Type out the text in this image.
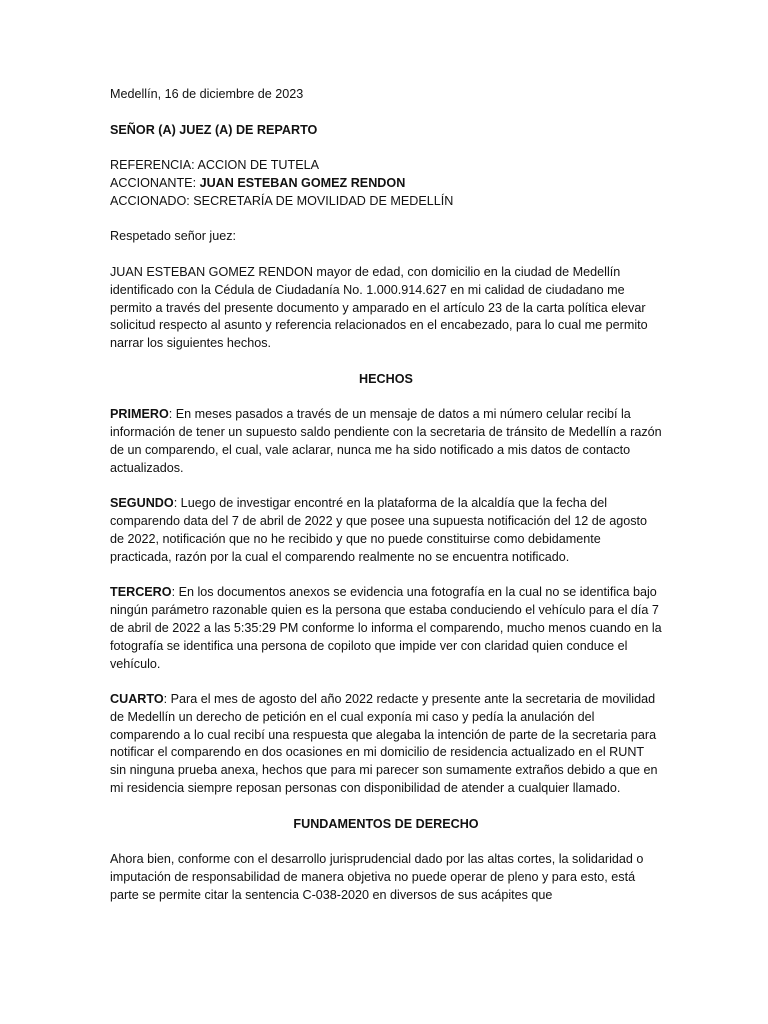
Medellín, 16 de diciembre de 2023

SEÑOR (A) JUEZ (A) DE REPARTO

REFERENCIA: ACCION DE TUTELA
ACCIONANTE: JUAN ESTEBAN GOMEZ RENDON
ACCIONADO: SECRETARÍA DE MOVILIDAD DE MEDELLÍN

Respetado señor juez:

JUAN ESTEBAN GOMEZ RENDON mayor de edad, con domicilio en la ciudad de Medellín identificado con la Cédula de Ciudadanía No. 1.000.914.627 en mi calidad de ciudadano me permito a través del presente documento y amparado en el artículo 23 de la carta política elevar solicitud respecto al asunto y referencia relacionados en el encabezado, para lo cual me permito narrar los siguientes hechos.

HECHOS

PRIMERO: En meses pasados a través de un mensaje de datos a mi número celular recibí la información de tener un supuesto saldo pendiente con la secretaria de tránsito de Medellín a razón de un comparendo, el cual, vale aclarar, nunca me ha sido notificado a mis datos de contacto actualizados.

SEGUNDO: Luego de investigar encontré en la plataforma de la alcaldía que la fecha del comparendo data del 7 de abril de 2022 y que posee una supuesta notificación del 12 de agosto de 2022, notificación que no he recibido y que no puede constituirse como debidamente practicada, razón por la cual el comparendo realmente no se encuentra notificado.

TERCERO: En los documentos anexos se evidencia una fotografía en la cual no se identifica bajo ningún parámetro razonable quien es la persona que estaba conduciendo el vehículo para el día 7 de abril de 2022 a las 5:35:29 PM conforme lo informa el comparendo, mucho menos cuando en la fotografía se identifica una persona de copiloto que impide ver con claridad quien conduce el vehículo.

CUARTO: Para el mes de agosto del año 2022 redacte y presente ante la secretaria de movilidad de Medellín un derecho de petición en el cual exponía mi caso y pedía la anulación del comparendo a lo cual recibí una respuesta que alegaba la intención de parte de la secretaria para notificar el comparendo en dos ocasiones en mi domicilio de residencia actualizado en el RUNT sin ninguna prueba anexa, hechos que para mi parecer son sumamente extraños debido a que en mi residencia siempre reposan personas con disponibilidad de atender a cualquier llamado.

FUNDAMENTOS DE DERECHO

Ahora bien, conforme con el desarrollo jurisprudencial dado por las altas cortes, la solidaridad o imputación de responsabilidad de manera objetiva no puede operar de pleno y para esto, está parte se permite citar la sentencia C-038-2020 en diversos de sus acápites que
